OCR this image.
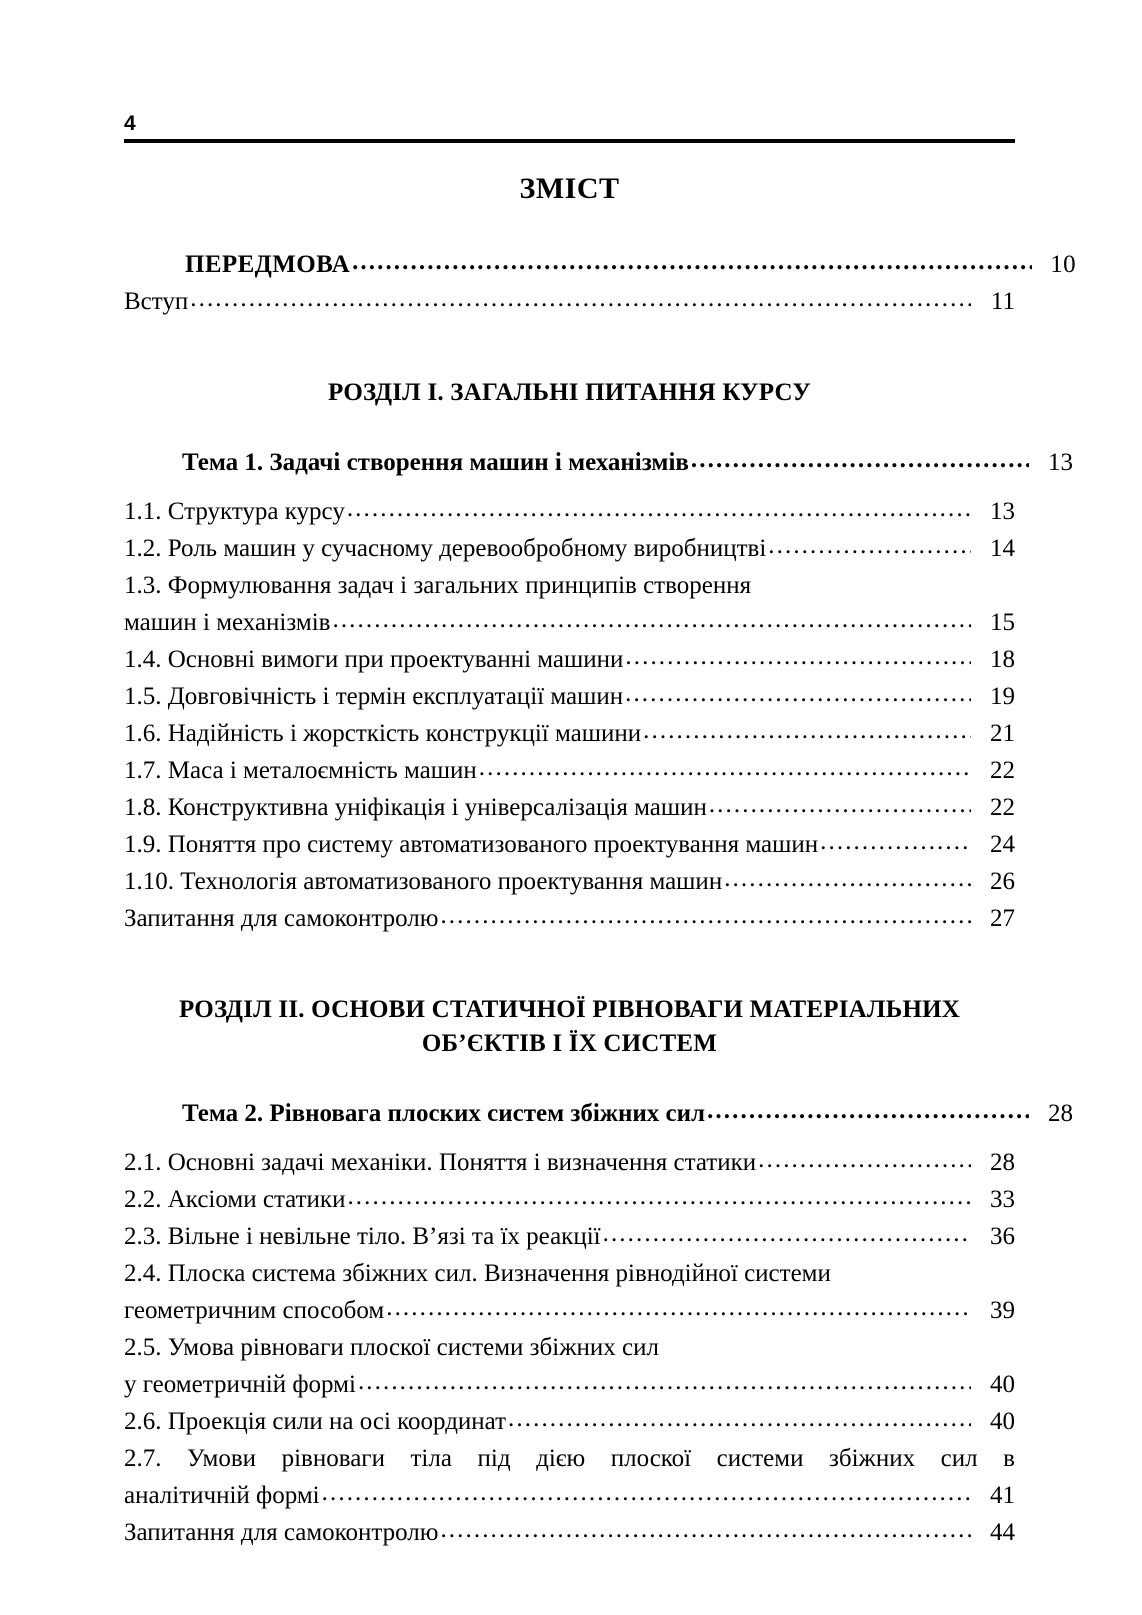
4
ЗМІСТ
ПЕРЕДМОВА .....	10
Вступ .....	11
РОЗДІЛ І. ЗАГАЛЬНІ ПИТАННЯ КУРСУ
Тема 1. Задачі створення машин і механізмів .....	13
1.1. Структура курсу .....	13
1.2. Роль машин у сучасному деревообробному виробництві .....	14
1.3. Формулювання задач і загальних принципів створення
машин і механізмів .....	15
1.4. Основні вимоги при проектуванні машини .....	18
1.5. Довговічність і термін експлуатації машин .....	19
1.6. Надійність і жорсткість конструкції машини .....	21
1.7. Маса і металоємність машин .....	22
1.8. Конструктивна уніфікація і універсалізація машин .....	22
1.9. Поняття про систему автоматизованого проектування машин .....	24
1.10. Технологія автоматизованого проектування машин .....	26
Запитання для самоконтролю .....	27
РОЗДІЛ ІІ. ОСНОВИ СТАТИЧНОЇ РІВНОВАГИ МАТЕРІАЛЬНИХ
ОБ’ЄКТІВ І ЇХ СИСТЕМ
Тема 2. Рівновага плоских систем збіжних сил .....	28
2.1. Основні задачі механіки. Поняття і визначення статики .....	28
2.2. Аксіоми статики .....	33
2.3. Вільне і невільне тіло. В’язі та їх реакції .....	36
2.4. Плоска система збіжних сил. Визначення рівнодійної системи
геометричним способом .....	39
2.5. Умова рівноваги плоскої системи збіжних сил
у геометричній формі .....	40
2.6. Проекція сили на осі координат .....	40
2.7. Умови рівноваги тіла під дією плоскої системи збіжних сил в
аналітичній формі .....	41
Запитання для самоконтролю .....	44
